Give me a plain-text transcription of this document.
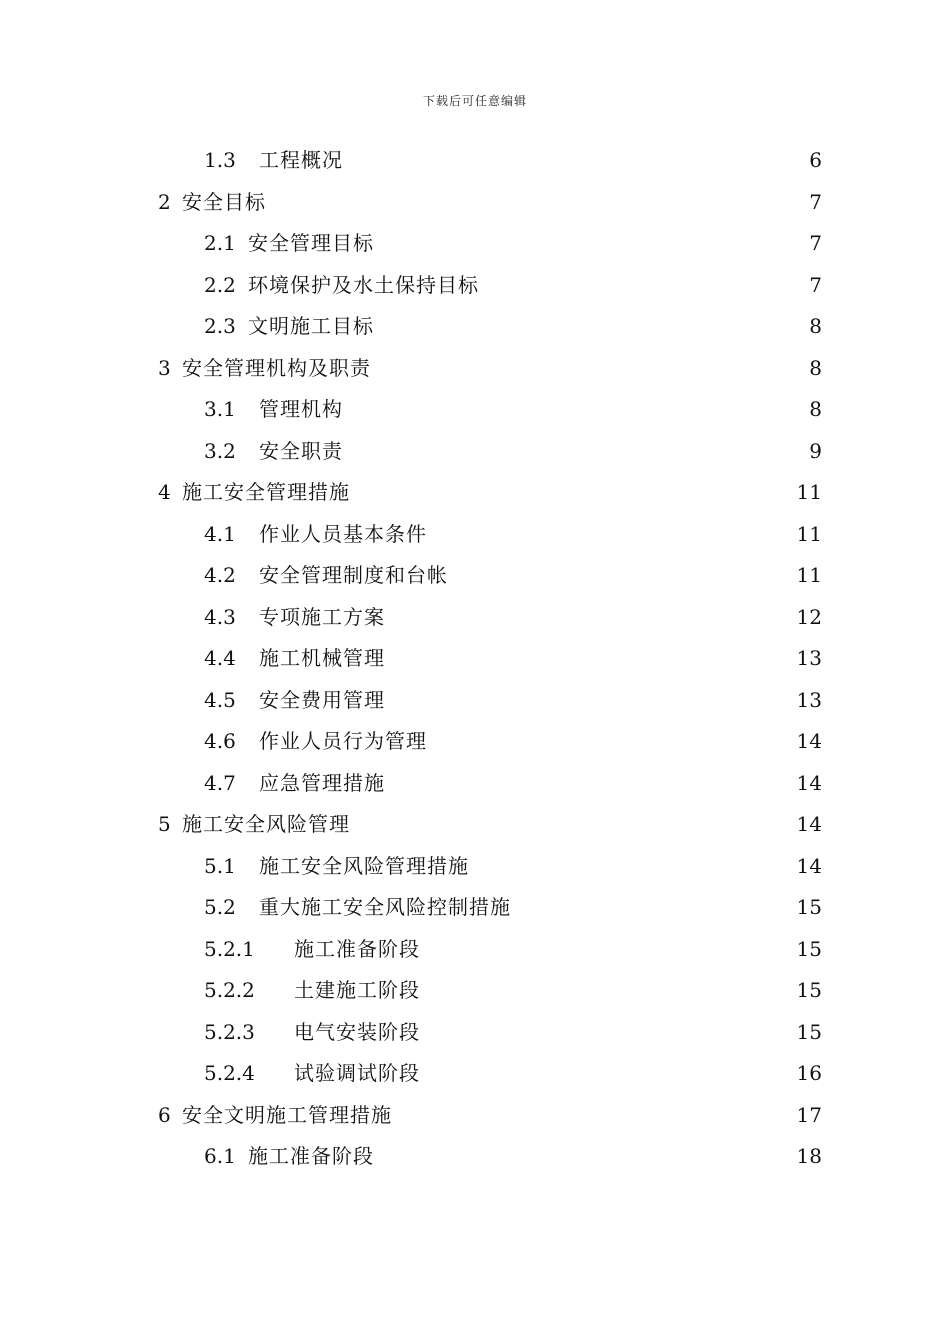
下载后可任意编辑
1.3 工程概况	6
2 安全目标	7
2.1 安全管理目标	7
2.2 环境保护及水土保持目标	7
2.3 文明施工目标	8
3 安全管理机构及职责	8
3.1 管理机构	8
3.2 安全职责	9
4 施工安全管理措施	11
4.1 作业人员基本条件	11
4.2 安全管理制度和台帐	11
4.3 专项施工方案	12
4.4 施工机械管理	13
4.5 安全费用管理	13
4.6 作业人员行为管理	14
4.7 应急管理措施	14
5 施工安全风险管理	14
5.1 施工安全风险管理措施	14
5.2 重大施工安全风险控制措施	15
5.2.1 施工准备阶段	15
5.2.2 土建施工阶段	15
5.2.3 电气安装阶段	15
5.2.4 试验调试阶段	16
6 安全文明施工管理措施	17
6.1 施工准备阶段	18
